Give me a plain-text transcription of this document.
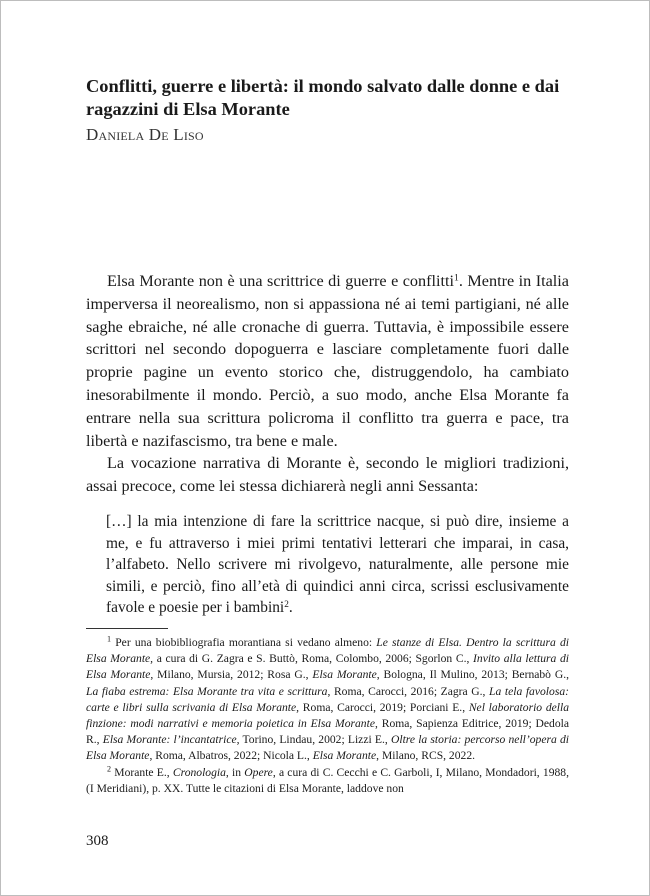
Conflitti, guerre e libertà: il mondo salvato dalle donne e dai ragazzini di Elsa Morante
Daniela De Liso

Elsa Morante non è una scrittrice di guerre e conflitti$^1$. Mentre in Italia imperversa il neorealismo, non si appassiona né ai temi partigiani, né alle saghe ebraiche, né alle cronache di guerra. Tuttavia, è impossibile essere scrittori nel secondo dopoguerra e lasciare completamente fuori dalle proprie pagine un evento storico che, distruggendolo, ha cambiato inesorabilmente il mondo. Perciò, a suo modo, anche Elsa Morante fa entrare nella sua scrittura policroma il conflitto tra guerra e pace, tra libertà e nazifascismo, tra bene e male.

La vocazione narrativa di Morante è, secondo le migliori tradizioni, assai precoce, come lei stessa dichiarerà negli anni Sessanta:

[…] la mia intenzione di fare la scrittrice nacque, si può dire, insieme a me, e fu attraverso i miei primi tentativi letterari che imparai, in casa, l’alfabeto. Nello scrivere mi rivolgevo, naturalmente, alle persone mie simili, e perciò, fino all’età di quindici anni circa, scrissi esclusivamente favole e poesie per i bambini$^2$.

$^1$ Per una biobibliografia morantiana si vedano almeno: Le stanze di Elsa. Dentro la scrittura di Elsa Morante, a cura di G. Zagra e S. Buttò, Roma, Colombo, 2006; Sgorlon C., Invito alla lettura di Elsa Morante, Milano, Mursia, 2012; Rosa G., Elsa Morante, Bologna, Il Mulino, 2013; Bernabò G., La fiaba estrema: Elsa Morante tra vita e scrittura, Roma, Carocci, 2016; Zagra G., La tela favolosa: carte e libri sulla scrivania di Elsa Morante, Roma, Carocci, 2019; Porciani E., Nel laboratorio della finzione: modi narrativi e memoria poietica in Elsa Morante, Roma, Sapienza Editrice, 2019; Dedola R., Elsa Morante: l’incantatrice, Torino, Lindau, 2002; Lizzi E., Oltre la storia: percorso nell’opera di Elsa Morante, Roma, Albatros, 2022; Nicola L., Elsa Morante, Milano, RCS, 2022.

$^2$ Morante E., Cronologia, in Opere, a cura di C. Cecchi e C. Garboli, I, Milano, Mondadori, 1988, (I Meridiani), p. XX. Tutte le citazioni di Elsa Morante, laddove non

308
